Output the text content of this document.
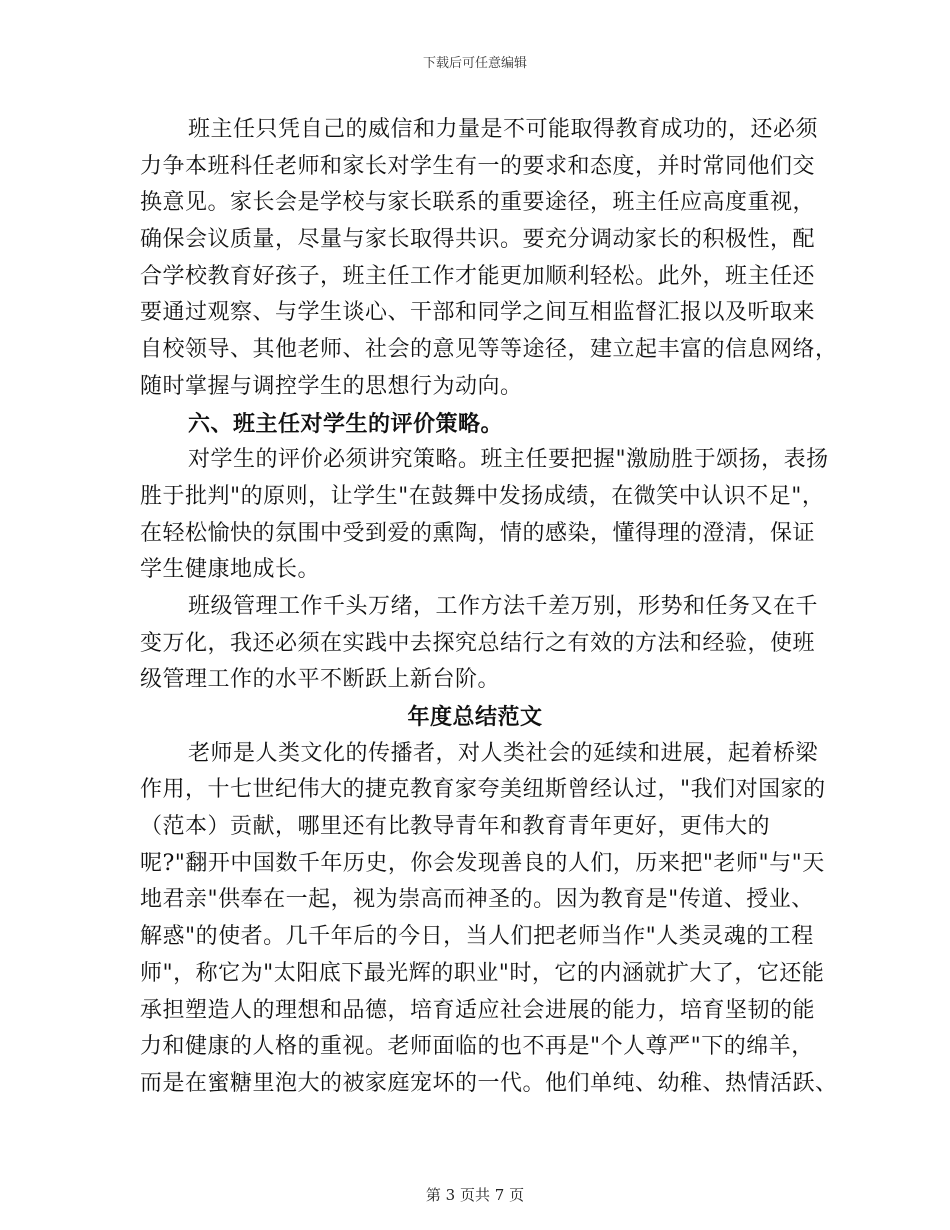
下载后可任意编辑
班主任只凭自己的威信和力量是不可能取得教育成功的，还必须
力争本班科任老师和家长对学生有一的要求和态度，并时常同他们交
换意见。家长会是学校与家长联系的重要途径，班主任应高度重视，
确保会议质量，尽量与家长取得共识。要充分调动家长的积极性，配
合学校教育好孩子，班主任工作才能更加顺利轻松。此外，班主任还
要通过观察、与学生谈心、干部和同学之间互相监督汇报以及听取来
自校领导、其他老师、社会的意见等等途径，建立起丰富的信息网络，
随时掌握与调控学生的思想行为动向。
六、班主任对学生的评价策略。
对学生的评价必须讲究策略。班主任要把握"激励胜于颂扬，表扬
胜于批判"的原则，让学生"在鼓舞中发扬成绩，在微笑中认识不足"，
在轻松愉快的氛围中受到爱的熏陶，情的感染，懂得理的澄清，保证
学生健康地成长。
班级管理工作千头万绪，工作方法千差万别，形势和任务又在千
变万化，我还必须在实践中去探究总结行之有效的方法和经验，使班
级管理工作的水平不断跃上新台阶。
年度总结范文
老师是人类文化的传播者，对人类社会的延续和进展，起着桥梁
作用，十七世纪伟大的捷克教育家夸美纽斯曾经认过，"我们对国家的
（范本）贡献，哪里还有比教导青年和教育青年更好，更伟大的
呢?"翻开中国数千年历史，你会发现善良的人们，历来把"老师"与"天
地君亲"供奉在一起，视为崇高而神圣的。因为教育是"传道、授业、
解惑"的使者。几千年后的今日，当人们把老师当作"人类灵魂的工程
师"，称它为"太阳底下最光辉的职业"时，它的内涵就扩大了，它还能
承担塑造人的理想和品德，培育适应社会进展的能力，培育坚韧的能
力和健康的人格的重视。老师面临的也不再是"个人尊严"下的绵羊，
而是在蜜糖里泡大的被家庭宠坏的一代。他们单纯、幼稚、热情活跃、
第 3 页共 7 页
